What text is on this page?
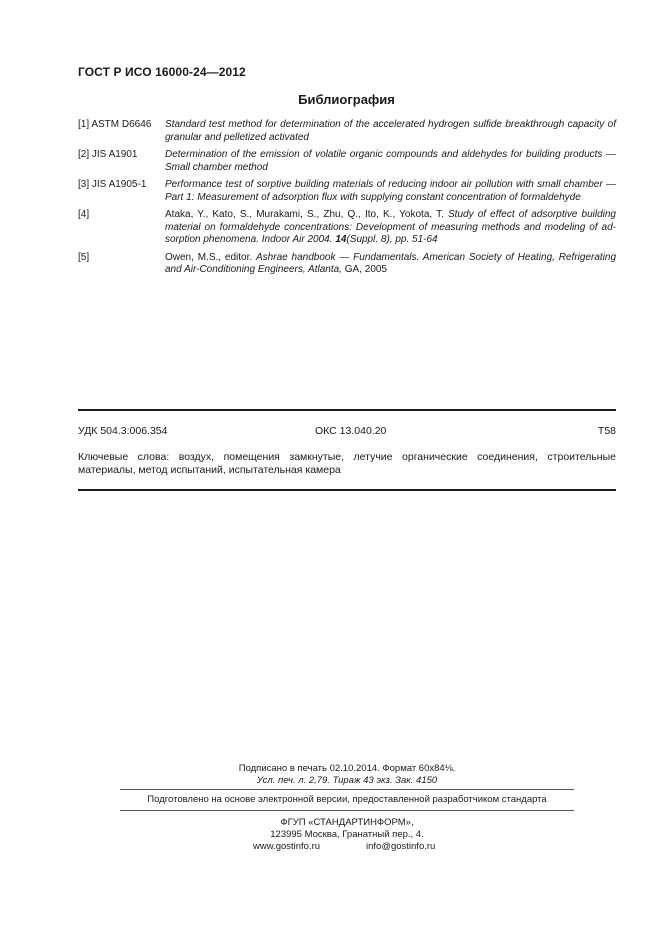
ГОСТ Р ИСО 16000-24—2012
Библиография
[1] ASTM D6646	Standard test method for determination of the accelerated hydrogen sulfide breakthrough capacity of granular and pelletized activated
[2] JIS A1901	Determination of the emission of volatile organic compounds and aldehydes for building products — Small chamber method
[3] JIS A1905-1	Performance test of sorptive building materials of reducing indoor air pollution with small chamber — Part 1: Measurement of adsorption flux with supplying constant concentration of formaldehyde
[4]	Ataka, Y., Kato, S., Murakami, S., Zhu, Q., Ito, K., Yokota, T. Study of effect of adsorptive building material on formaldehyde concentrations: Development of measuring methods and modeling of ad-sorption phenomena. Indoor Air 2004. 14(Suppl. 8), pp. 51-64
[5]	Owen, M.S., editor. Ashrae handbook — Fundamentals. American Society of Heating, Refrigerating and Air-Conditioning Engineers, Atlanta, GA, 2005
УДК 504.3:006.354	ОКС 13.040.20	Т58
Ключевые слова: воздух, помещения замкнутые, летучие органические соединения, строительные материалы, метод испытаний, испытательная камера
Подписано в печать 02.10.2014. Формат 60х84⅛.
Усл. печ. л. 2,79. Тираж 43 экз. Зак. 4150
Подготовлено на основе электронной версии, предоставленной разработчиком стандарта
ФГУП «СТАНДАРТИНФОРМ»,
123995 Москва, Гранатный пер., 4.
www.gostinfo.ru	info@gostinfo.ru
